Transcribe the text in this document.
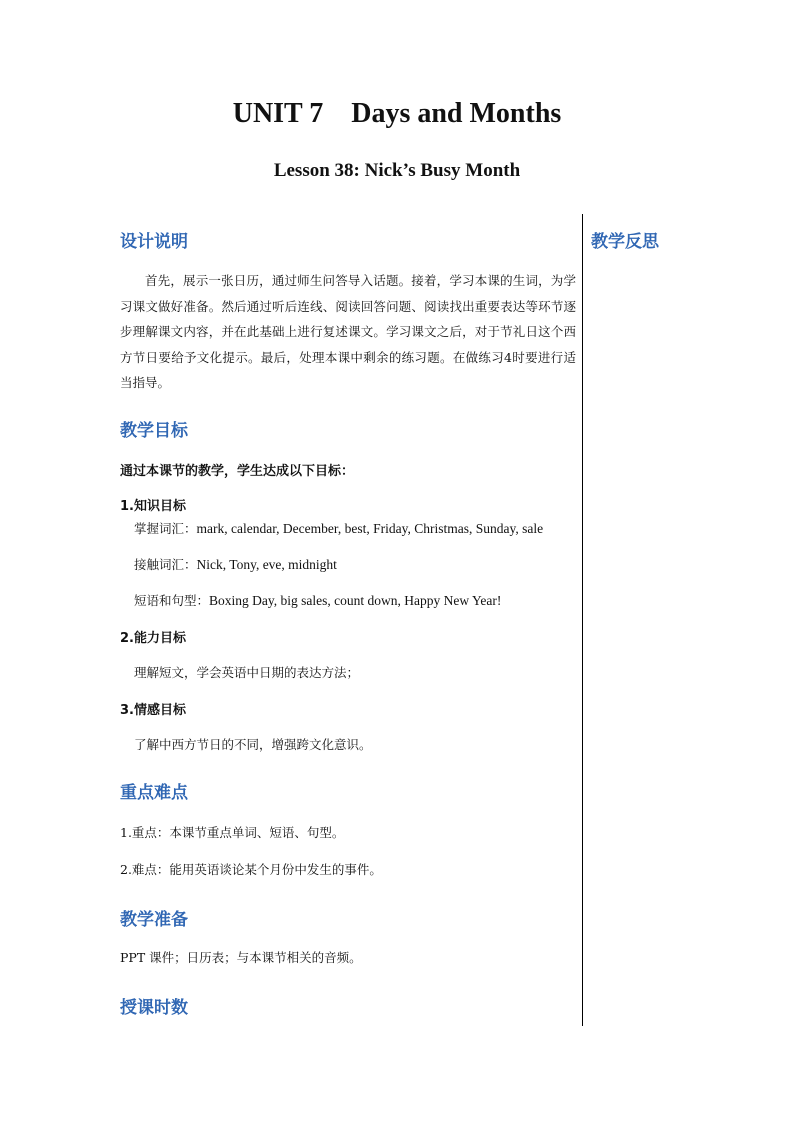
UNIT 7    Days and Months
Lesson 38: Nick’s Busy Month
教学反思
设计说明
首先，展示一张日历，通过师生问答导入话题。接着，学习本课的生词，为学习课文做好准备。然后通过听后连线、阅读回答问题、阅读找出重要表达等环节逐步理解课文内容，并在此基础上进行复述课文。学习课文之后，对于节礼日这个西方节日要给予文化提示。最后，处理本课中剩余的练习题。在做练习4时要进行适当指导。
教学目标
通过本课节的教学，学生达成以下目标：
1.知识目标
掌握词汇：mark, calendar, December, best, Friday, Christmas, Sunday, sale
接触词汇：Nick, Tony, eve, midnight
短语和句型：Boxing Day, big sales, count down, Happy New Year!
2.能力目标
理解短文，学会英语中日期的表达方法；
3.情感目标
了解中西方节日的不同，增强跨文化意识。
重点难点
1.重点：本课节重点单词、短语、句型。
2.难点：能用英语谈论某个月份中发生的事件。
教学准备
PPT 课件；日历表；与本课节相关的音频。
授课时数
